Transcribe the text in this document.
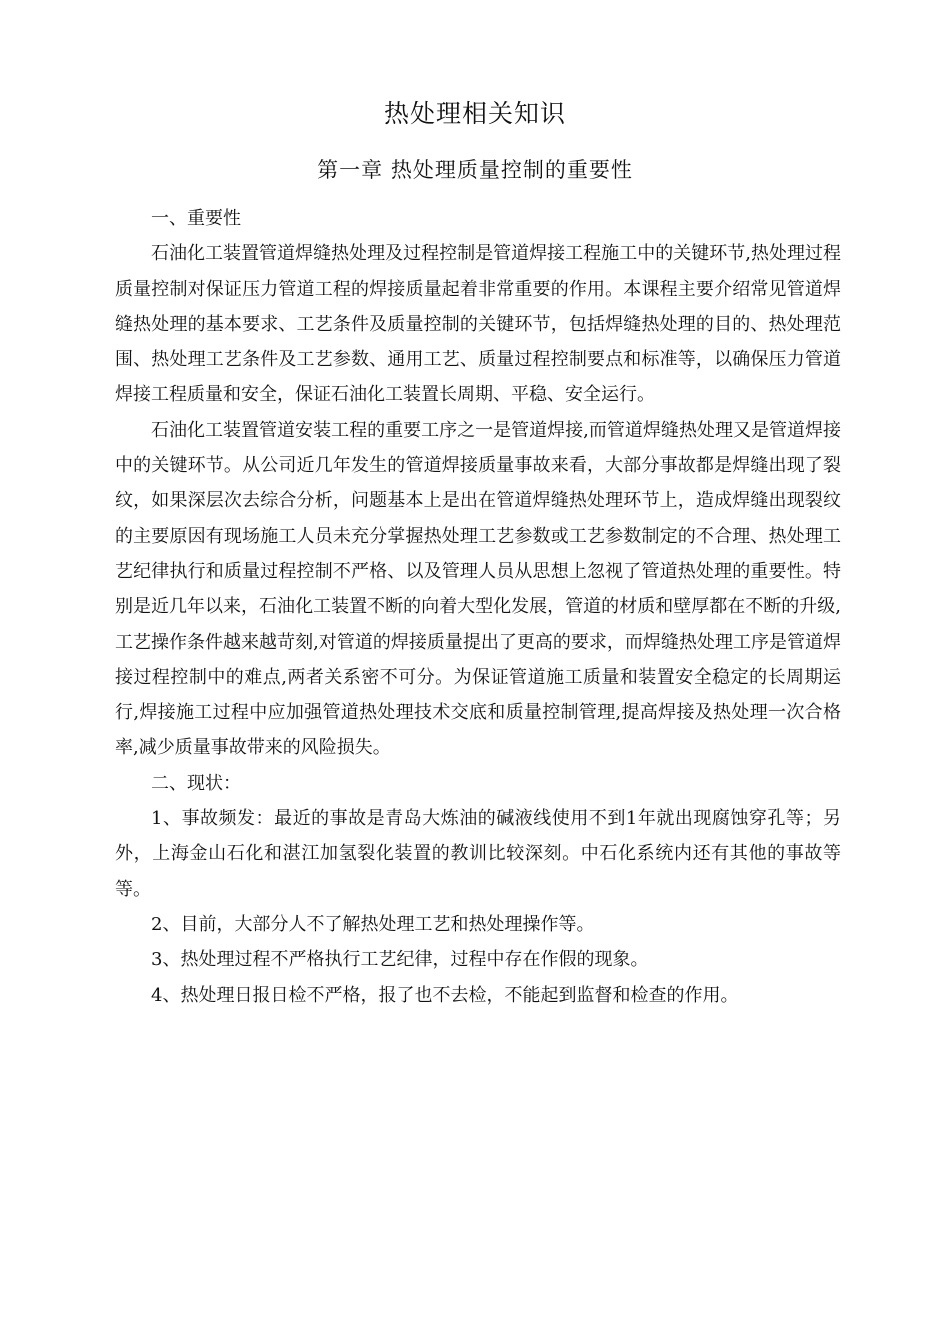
热处理相关知识
第一章 热处理质量控制的重要性

一、重要性

石油化工装置管道焊缝热处理及过程控制是管道焊接工程施工中的关键环节,热处理过程质量控制对保证压力管道工程的焊接质量起着非常重要的作用。本课程主要介绍常见管道焊缝热处理的基本要求、工艺条件及质量控制的关键环节，包括焊缝热处理的目的、热处理范围、热处理工艺条件及工艺参数、通用工艺、质量过程控制要点和标准等，以确保压力管道焊接工程质量和安全，保证石油化工装置长周期、平稳、安全运行。

石油化工装置管道安装工程的重要工序之一是管道焊接,而管道焊缝热处理又是管道焊接中的关键环节。从公司近几年发生的管道焊接质量事故来看，大部分事故都是焊缝出现了裂纹，如果深层次去综合分析，问题基本上是出在管道焊缝热处理环节上，造成焊缝出现裂纹的主要原因有现场施工人员未充分掌握热处理工艺参数或工艺参数制定的不合理、热处理工艺纪律执行和质量过程控制不严格、以及管理人员从思想上忽视了管道热处理的重要性。特别是近几年以来，石油化工装置不断的向着大型化发展，管道的材质和壁厚都在不断的升级,工艺操作条件越来越苛刻,对管道的焊接质量提出了更高的要求，而焊缝热处理工序是管道焊接过程控制中的难点,两者关系密不可分。为保证管道施工质量和装置安全稳定的长周期运行,焊接施工过程中应加强管道热处理技术交底和质量控制管理,提高焊接及热处理一次合格率,减少质量事故带来的风险损失。

二、现状：

1、事故频发：最近的事故是青岛大炼油的碱液线使用不到1年就出现腐蚀穿孔等；另外，上海金山石化和湛江加氢裂化装置的教训比较深刻。中石化系统内还有其他的事故等等。

2、目前，大部分人不了解热处理工艺和热处理操作等。

3、热处理过程不严格执行工艺纪律，过程中存在作假的现象。

4、热处理日报日检不严格，报了也不去检，不能起到监督和检查的作用。
